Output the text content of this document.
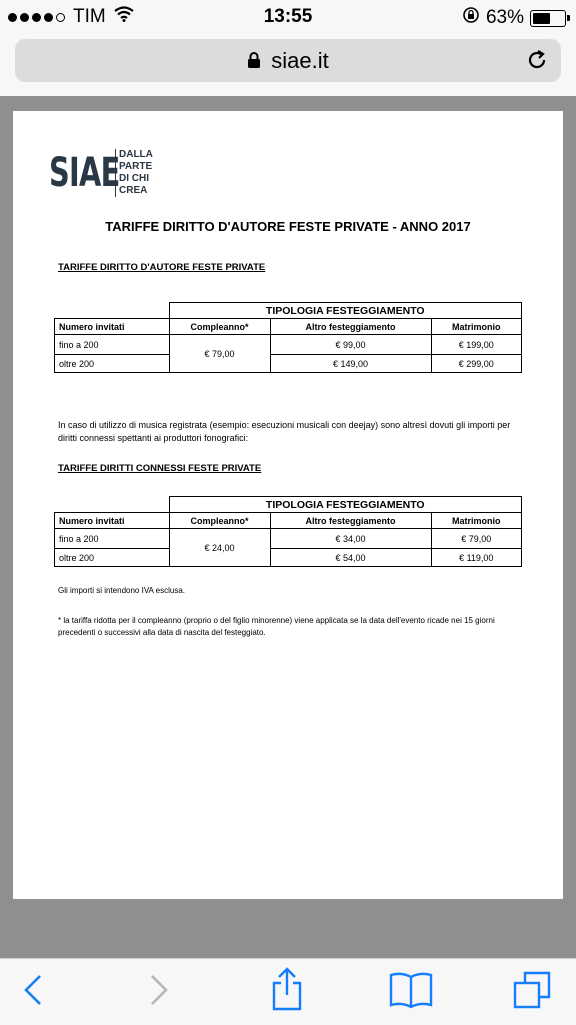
TIM	13:55	63%
siae.it
SIAE DALLA
PARTE
DI CHI
CREA
TARIFFE DIRITTO D'AUTORE FESTE PRIVATE - ANNO 2017
TARIFFE DIRITTO D'AUTORE FESTE PRIVATE
	TIPOLOGIA FESTEGGIAMENTO		
Numero invitati	Compleanno*	Altro festeggiamento	Matrimonio
fino a 200	€ 79,00	€ 99,00	€ 199,00
oltre 200		€ 149,00	€ 299,00
In caso di utilizzo di musica registrata (esempio: esecuzioni musicali con deejay) sono altresì dovuti gli importi per diritti connessi spettanti ai produttori fonografici:
TARIFFE DIRITTI CONNESSI FESTE PRIVATE
	TIPOLOGIA FESTEGGIAMENTO		
Numero invitati	Compleanno*	Altro festeggiamento	Matrimonio
fino a 200	€ 24,00	€ 34,00	€ 79,00
oltre 200		€ 54,00	€ 119,00
Gli importi si intendono IVA esclusa.
* la tariffa ridotta per il compleanno (proprio o del figlio minorenne) viene applicata se la data dell'evento ricade nei 15 giorni precedenti o successivi alla data di nascita del festeggiato.
